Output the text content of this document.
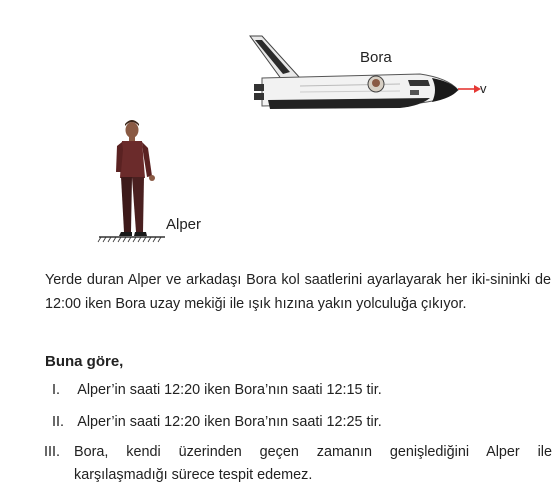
Bora
v
Alper

Yerde duran Alper ve arkadaşı Bora kol saatlerini ayarlayarak her iki-sininki de 12:00 iken Bora uzay mekiği ile ışık hızına yakın yolculuğa çıkıyor.

Buna göre,

I. Alper’in saati 12:20 iken Bora’nın saati 12:15 tir.
II. Alper’in saati 12:20 iken Bora’nın saati 12:25 tir.
III. Bora, kendi üzerinden geçen zamanın genişlediğini Alper ile karşılaşmadığı sürece tespit edemez.
